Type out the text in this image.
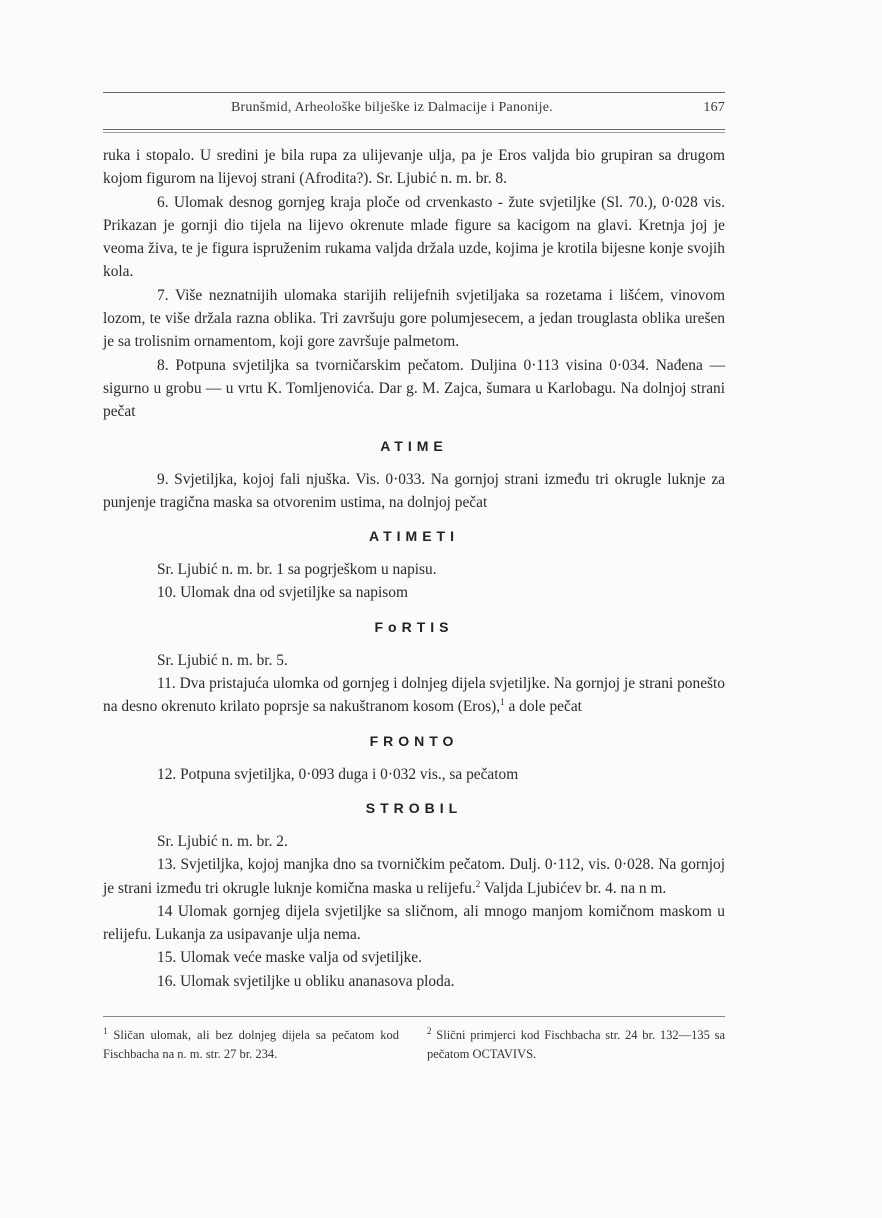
Brunšmid, Arheološke bilješke iz Dalmacije i Panonije.	167

ruka i stopalo. U sredini je bila rupa za ulijevanje ulja, pa je Eros valjda bio grupiran sa drugom kojom figurom na lijevoj strani (Afrodita?). Sr. Ljubić n. m. br. 8.

6. Ulomak desnog gornjeg kraja ploče od crvenkasto - žute svjetiljke (Sl. 70.), 0·028 vis. Prikazan je gornji dio tijela na lijevo okrenute mlade figure sa kacigom na glavi. Kretnja joj je veoma živa, te je figura ispruženim rukama valjda držala uzde, kojima je krotila bijesne konje svojih kola.

7. Više neznatnijih ulomaka starijih relijefnih svjetiljaka sa rozetama i lišćem, vinovom lozom, te više držala razna oblika. Tri završuju gore polumjesecem, a jedan trouglasta oblika urešen je sa trolisnim ornamentom, koji gore završuje palmetom.

8. Potpuna svjetiljka sa tvorničarskim pečatom. Duljina 0·113 visina 0·034. Nađena — sigurno u grobu — u vrtu K. Tomljenovića. Dar g. M. Zajca, šumara u Karlobagu. Na dolnjoj strani pečat

ATIME

9. Svjetiljka, kojoj fali njuška. Vis. 0·033. Na gornjoj strani između tri okrugle luknje za punjenje tragična maska sa otvorenim ustima, na dolnjoj pečat

ATIMETI

Sr. Ljubić n. m. br. 1 sa pogrješkom u napisu.

10. Ulomak dna od svjetiljke sa napisom

FoRTIS

Sr. Ljubić n. m. br. 5.

11. Dva pristajuća ulomka od gornjeg i dolnjeg dijela svjetiljke. Na gornjoj je strani ponešto na desno okrenuto krilato poprsje sa nakuštranom kosom (Eros),$^1$ a dole pečat

FRONTO

12. Potpuna svjetiljka, 0·093 duga i 0·032 vis., sa pečatom

STROBIL

Sr. Ljubić n. m. br. 2.

13. Svjetiljka, kojoj manjka dno sa tvorničkim pečatom. Dulj. 0·112, vis. 0·028. Na gornjoj je strani između tri okrugle luknje komična maska u relijefu.$^2$ Valjda Ljubićev br. 4. na n m.

14 Ulomak gornjeg dijela svjetiljke sa sličnom, ali mnogo manjom komičnom maskom u relijefu. Lukanja za usipavanje ulja nema.

15. Ulomak veće maske valja od svjetiljke.

16. Ulomak svjetiljke u obliku ananasova ploda.

$^1$ Sličan ulomak, ali bez dolnjeg dijela sa pečatom kod Fischbacha na n. m. str. 27 br. 234.
$^2$ Slični primjerci kod Fischbacha str. 24 br. 132—135 sa pečatom OCTAVIVS.
